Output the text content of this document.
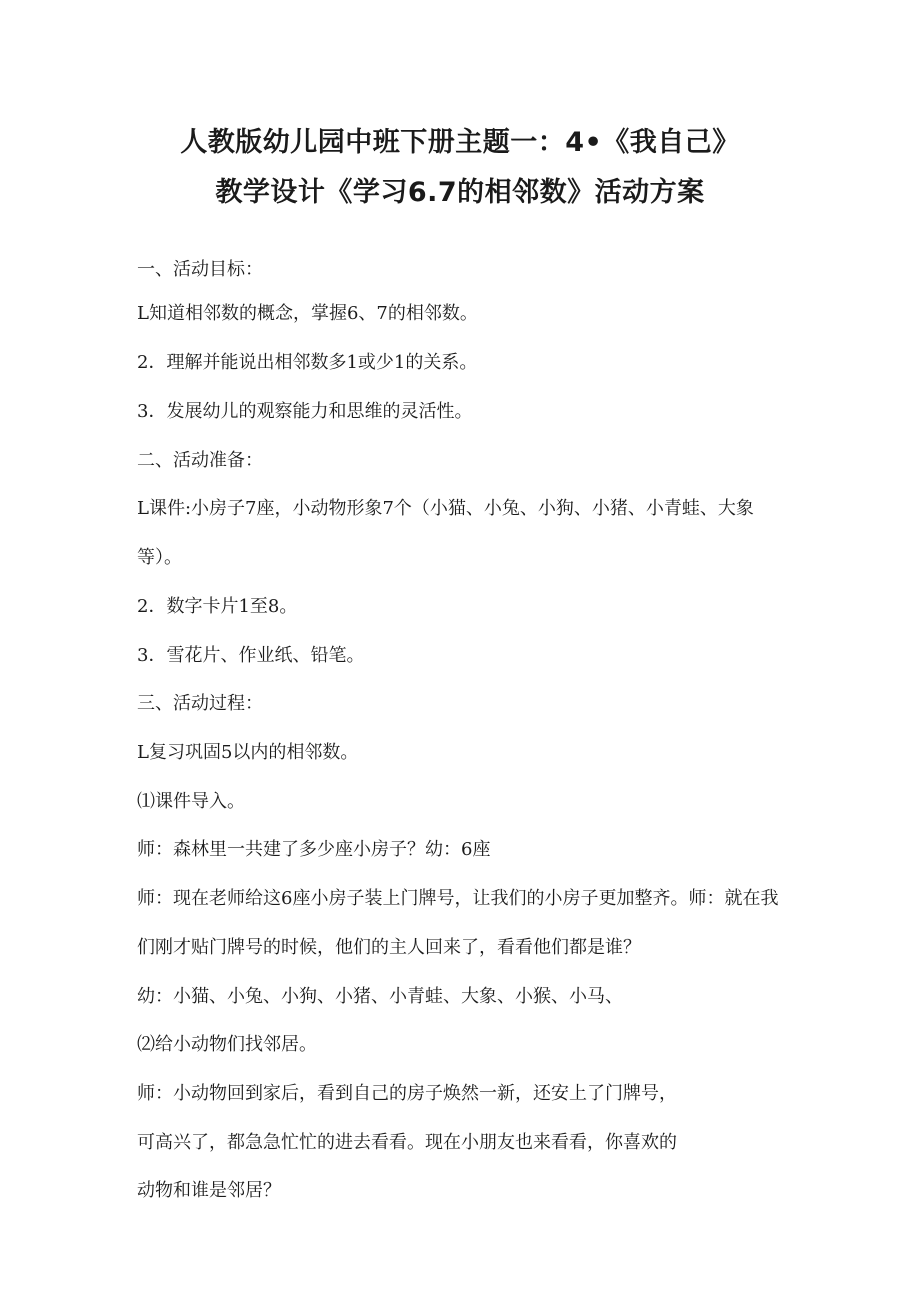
人教版幼儿园中班下册主题一：4•《我自己》
教学设计《学习6.7的相邻数》活动方案
一、活动目标：
L知道相邻数的概念，掌握6、7的相邻数。
2．理解并能说出相邻数多1或少1的关系。
3．发展幼儿的观察能力和思维的灵活性。
二、活动准备：
L课件:小房子7座，小动物形象7个（小猫、小兔、小狗、小猪、小青蛙、大象
等）。
2．数字卡片1至8。
3．雪花片、作业纸、铅笔。
三、活动过程：
L复习巩固5以内的相邻数。
⑴课件导入。
师：森林里一共建了多少座小房子？幼：6座
师：现在老师给这6座小房子装上门牌号，让我们的小房子更加整齐。师：就在我
们刚才贴门牌号的时候，他们的主人回来了，看看他们都是谁？
幼：小猫、小兔、小狗、小猪、小青蛙、大象、小猴、小马、
⑵给小动物们找邻居。
师：小动物回到家后，看到自己的房子焕然一新，还安上了门牌号，
可高兴了，都急急忙忙的进去看看。现在小朋友也来看看，你喜欢的
动物和谁是邻居？
